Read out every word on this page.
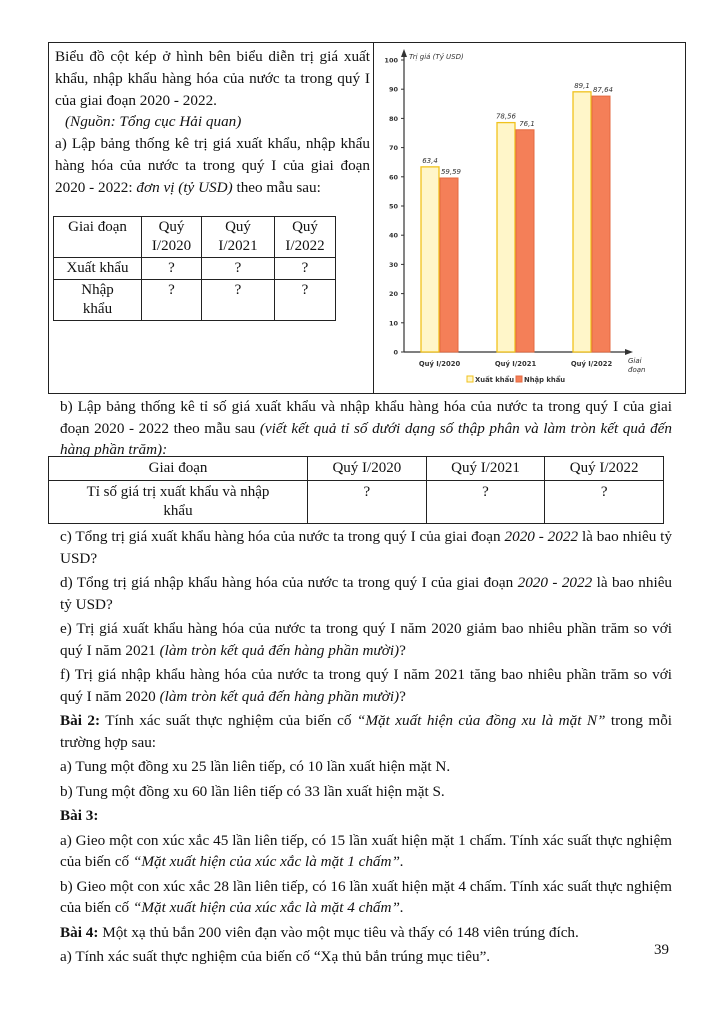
Biểu đồ cột kép ở hình bên biểu diễn trị giá xuất khẩu, nhập khẩu hàng hóa của nước ta trong quý I của giai đoạn 2020 - 2022.

(Nguồn: Tổng cục Hải quan)

a) Lập bảng thống kê trị giá xuất khẩu, nhập khẩu hàng hóa của nước ta trong quý I của giai đoạn 2020 - 2022: đơn vị (tỷ USD) theo mẫu sau:

Giai đoạn	Quý I/2020	Quý I/2021	Quý I/2022
Xuất khẩu	?	?	?
Nhập khẩu	?	?	?
0
10
20
30
40
50
60
70
80
90
100 Trị giá (Tỷ USD)
Giai
đoạn
63,4
59,59
Quý I/2020
78,56
76,1
Quý I/2021
89,1
87,64
Quý I/2022
Xuất khẩu Nhập khẩu

b) Lập bảng thống kê tỉ số giá xuất khẩu và nhập khẩu hàng hóa của nước ta trong quý I của giai đoạn 2020 - 2022 theo mẫu sau (viết kết quả tỉ số dưới dạng số thập phân và làm tròn kết quả đến hàng phần trăm):

Giai đoạn	Quý I/2020	Quý I/2021	Quý I/2022
Tỉ số giá trị xuất khẩu và nhập khẩu	?	?	?

c) Tổng trị giá xuất khẩu hàng hóa của nước ta trong quý I của giai đoạn 2020 - 2022 là bao nhiêu tỷ USD?

d) Tổng trị giá nhập khẩu hàng hóa của nước ta trong quý I của giai đoạn 2020 - 2022 là bao nhiêu tỷ USD?

e) Trị giá xuất khẩu hàng hóa của nước ta trong quý I năm 2020 giảm bao nhiêu phần trăm so với quý I năm 2021 (làm tròn kết quả đến hàng phần mười)?

f) Trị giá nhập khẩu hàng hóa của nước ta trong quý I năm 2021 tăng bao nhiêu phần trăm so với quý I năm 2020 (làm tròn kết quả đến hàng phần mười)?

Bài 2: Tính xác suất thực nghiệm của biến cố “Mặt xuất hiện của đồng xu là mặt N” trong mỗi trường hợp sau:

a) Tung một đồng xu 25 lần liên tiếp, có 10 lần xuất hiện mặt N.

b) Tung một đồng xu 60 lần liên tiếp có 33 lần xuất hiện mặt S.

Bài 3:

a) Gieo một con xúc xắc 45 lần liên tiếp, có 15 lần xuất hiện mặt 1 chấm. Tính xác suất thực nghiệm của biến cố “Mặt xuất hiện của xúc xắc là mặt 1 chấm”.

b) Gieo một con xúc xắc 28 lần liên tiếp, có 16 lần xuất hiện mặt 4 chấm. Tính xác suất thực nghiệm của biến cố “Mặt xuất hiện của xúc xắc là mặt 4 chấm”.

Bài 4: Một xạ thủ bắn 200 viên đạn vào một mục tiêu và thấy có 148 viên trúng đích.

a) Tính xác suất thực nghiệm của biến cố “Xạ thủ bắn trúng mục tiêu”.	39
